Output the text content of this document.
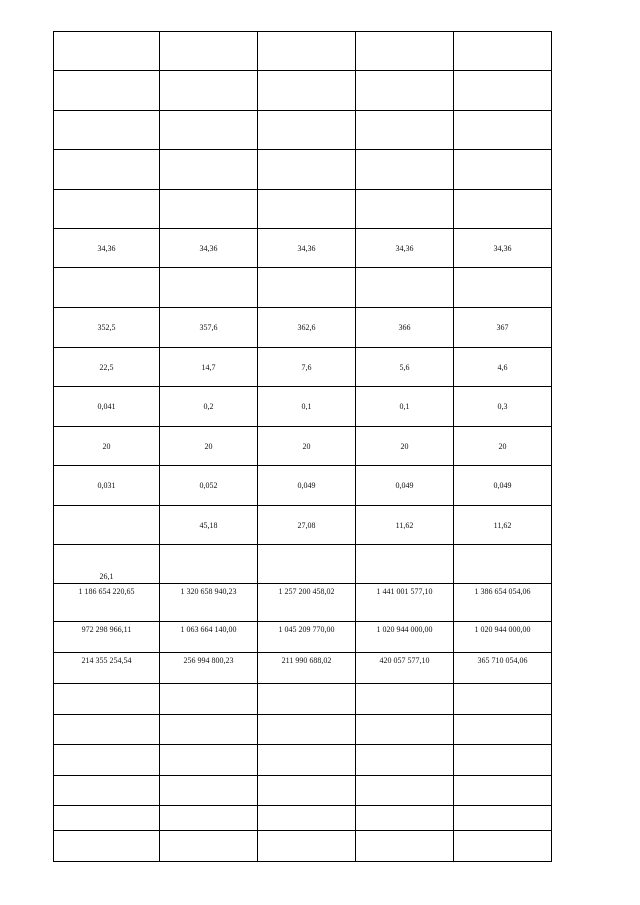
34,36	34,36	34,36	34,36	34,36

352,5	357,6	362,6	366	367
22,5	14,7	7,6	5,6	4,6
0,041	0,2	0,1	0,1	0,3
20	20	20	20	20
0,031	0,052	0,049	0,049	0,049
	45,18	27,08	11,62	11,62
26,1				
1 186 654 220,65	1 320 658 940,23	1 257 200 458,02	1 441 001 577,10	1 386 654 054,06
972 298 966,11	1 063 664 140,00	1 045 209 770,00	1 020 944 000,00	1 020 944 000,00
214 355 254,54	256 994 800,23	211 990 688,02	420 057 577,10	365 710 054,06
